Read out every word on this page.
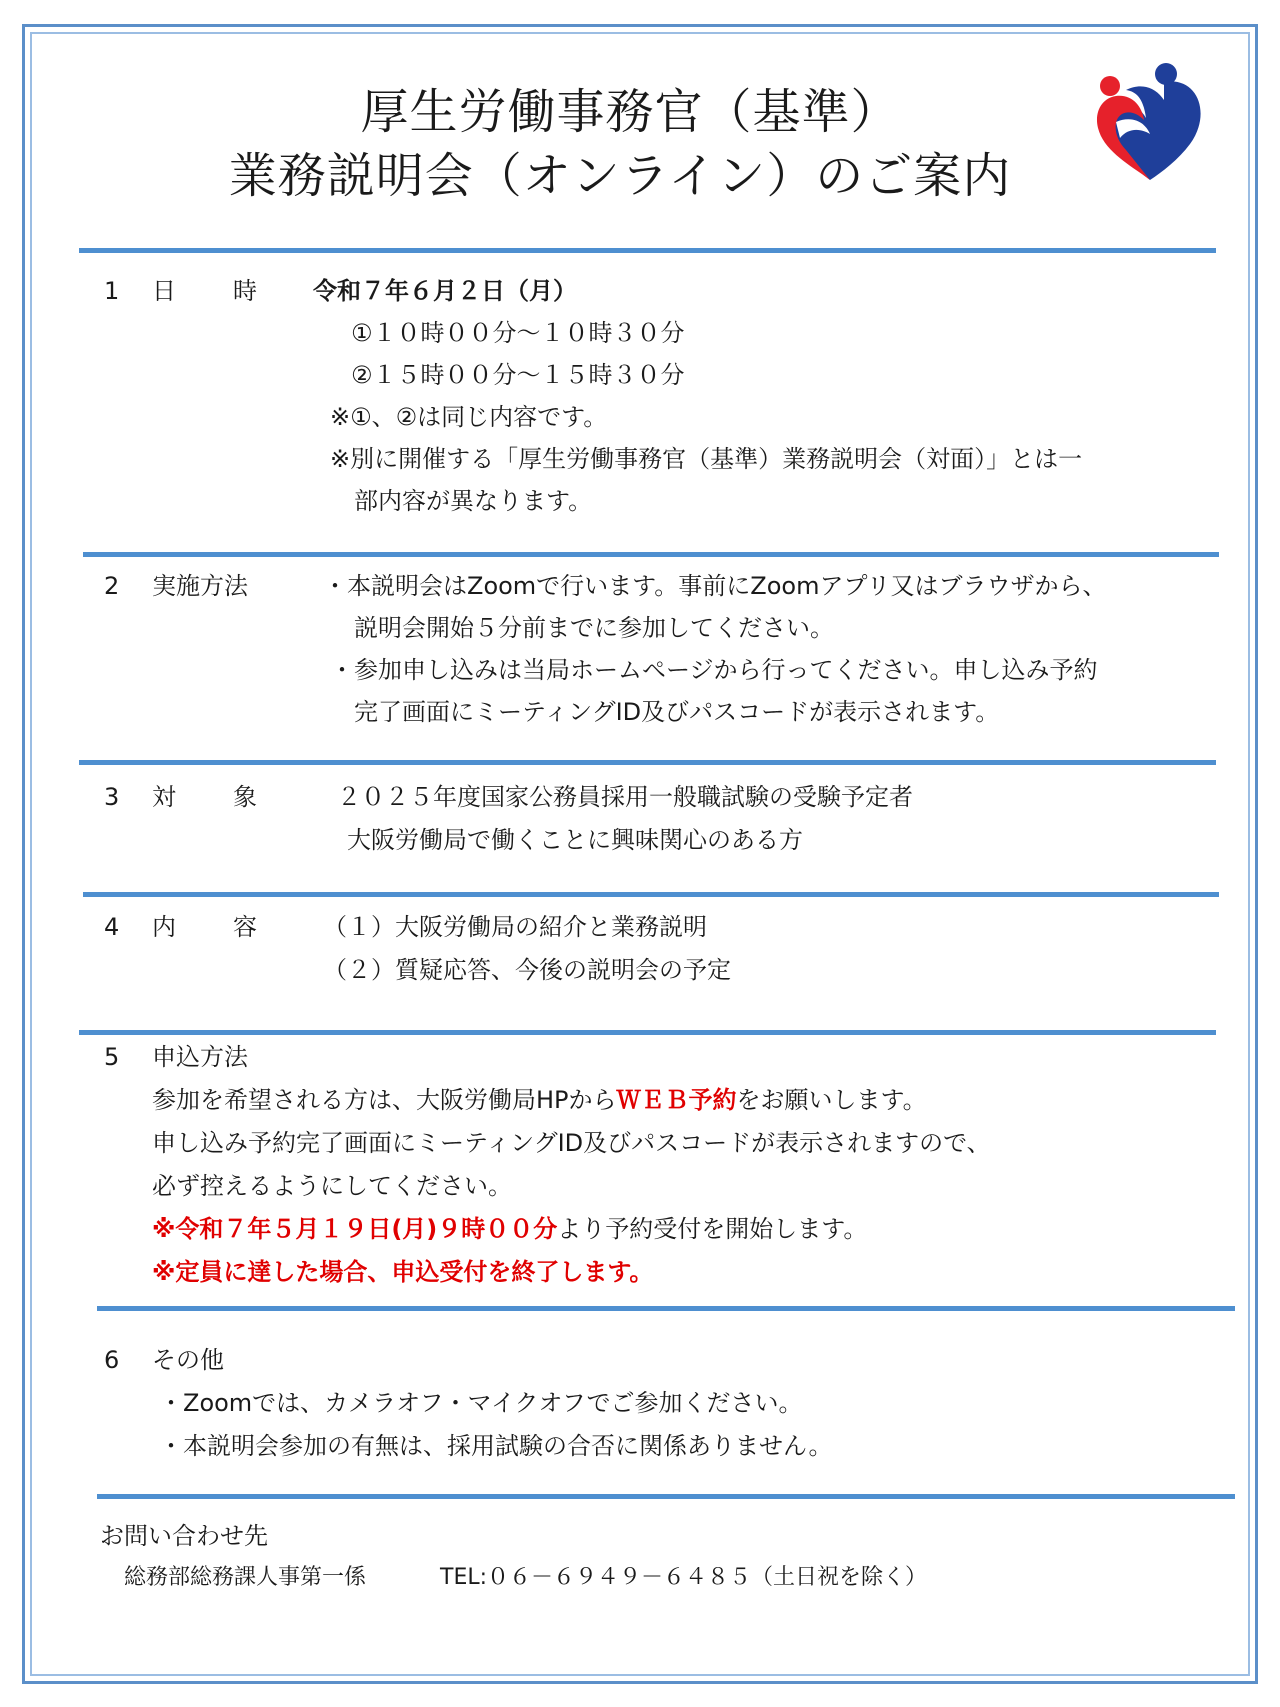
厚生労働事務官（基準）
業務説明会（オンライン）のご案内
1 日 時 令和７年６月２日（月）
①１０時００分～１０時３０分
②１５時００分～１５時３０分
※①、②は同じ内容です。
※別に開催する「厚生労働事務官（基準）業務説明会（対面）」とは一
部内容が異なります。
2 実施方法	・本説明会はZoomで行います。事前にZoomアプリ又はブラウザから、
説明会開始５分前までに参加してください。
・参加申し込みは当局ホームページから行ってください。申し込み予約
完了画面にミーティングID及びパスコードが表示されます。
3 対 象	２０２５年度国家公務員採用一般職試験の受験予定者
大阪労働局で働くことに興味関心のある方
4 内 容	（１）大阪労働局の紹介と業務説明
（２）質疑応答、今後の説明会の予定
5 申込方法
参加を希望される方は、大阪労働局HPからＷＥＢ予約をお願いします。
申し込み予約完了画面にミーティングID及びパスコードが表示されますので、
必ず控えるようにしてください。
※令和７年５月１９日(月)９時００分より予約受付を開始します。
※定員に達した場合、申込受付を終了します。
6 その他
・Zoomでは、カメラオフ・マイクオフでご参加ください。
・本説明会参加の有無は、採用試験の合否に関係ありません。
お問い合わせ先
総務部総務課人事第一係	TEL:０６－６９４９－６４８５（土日祝を除く）
